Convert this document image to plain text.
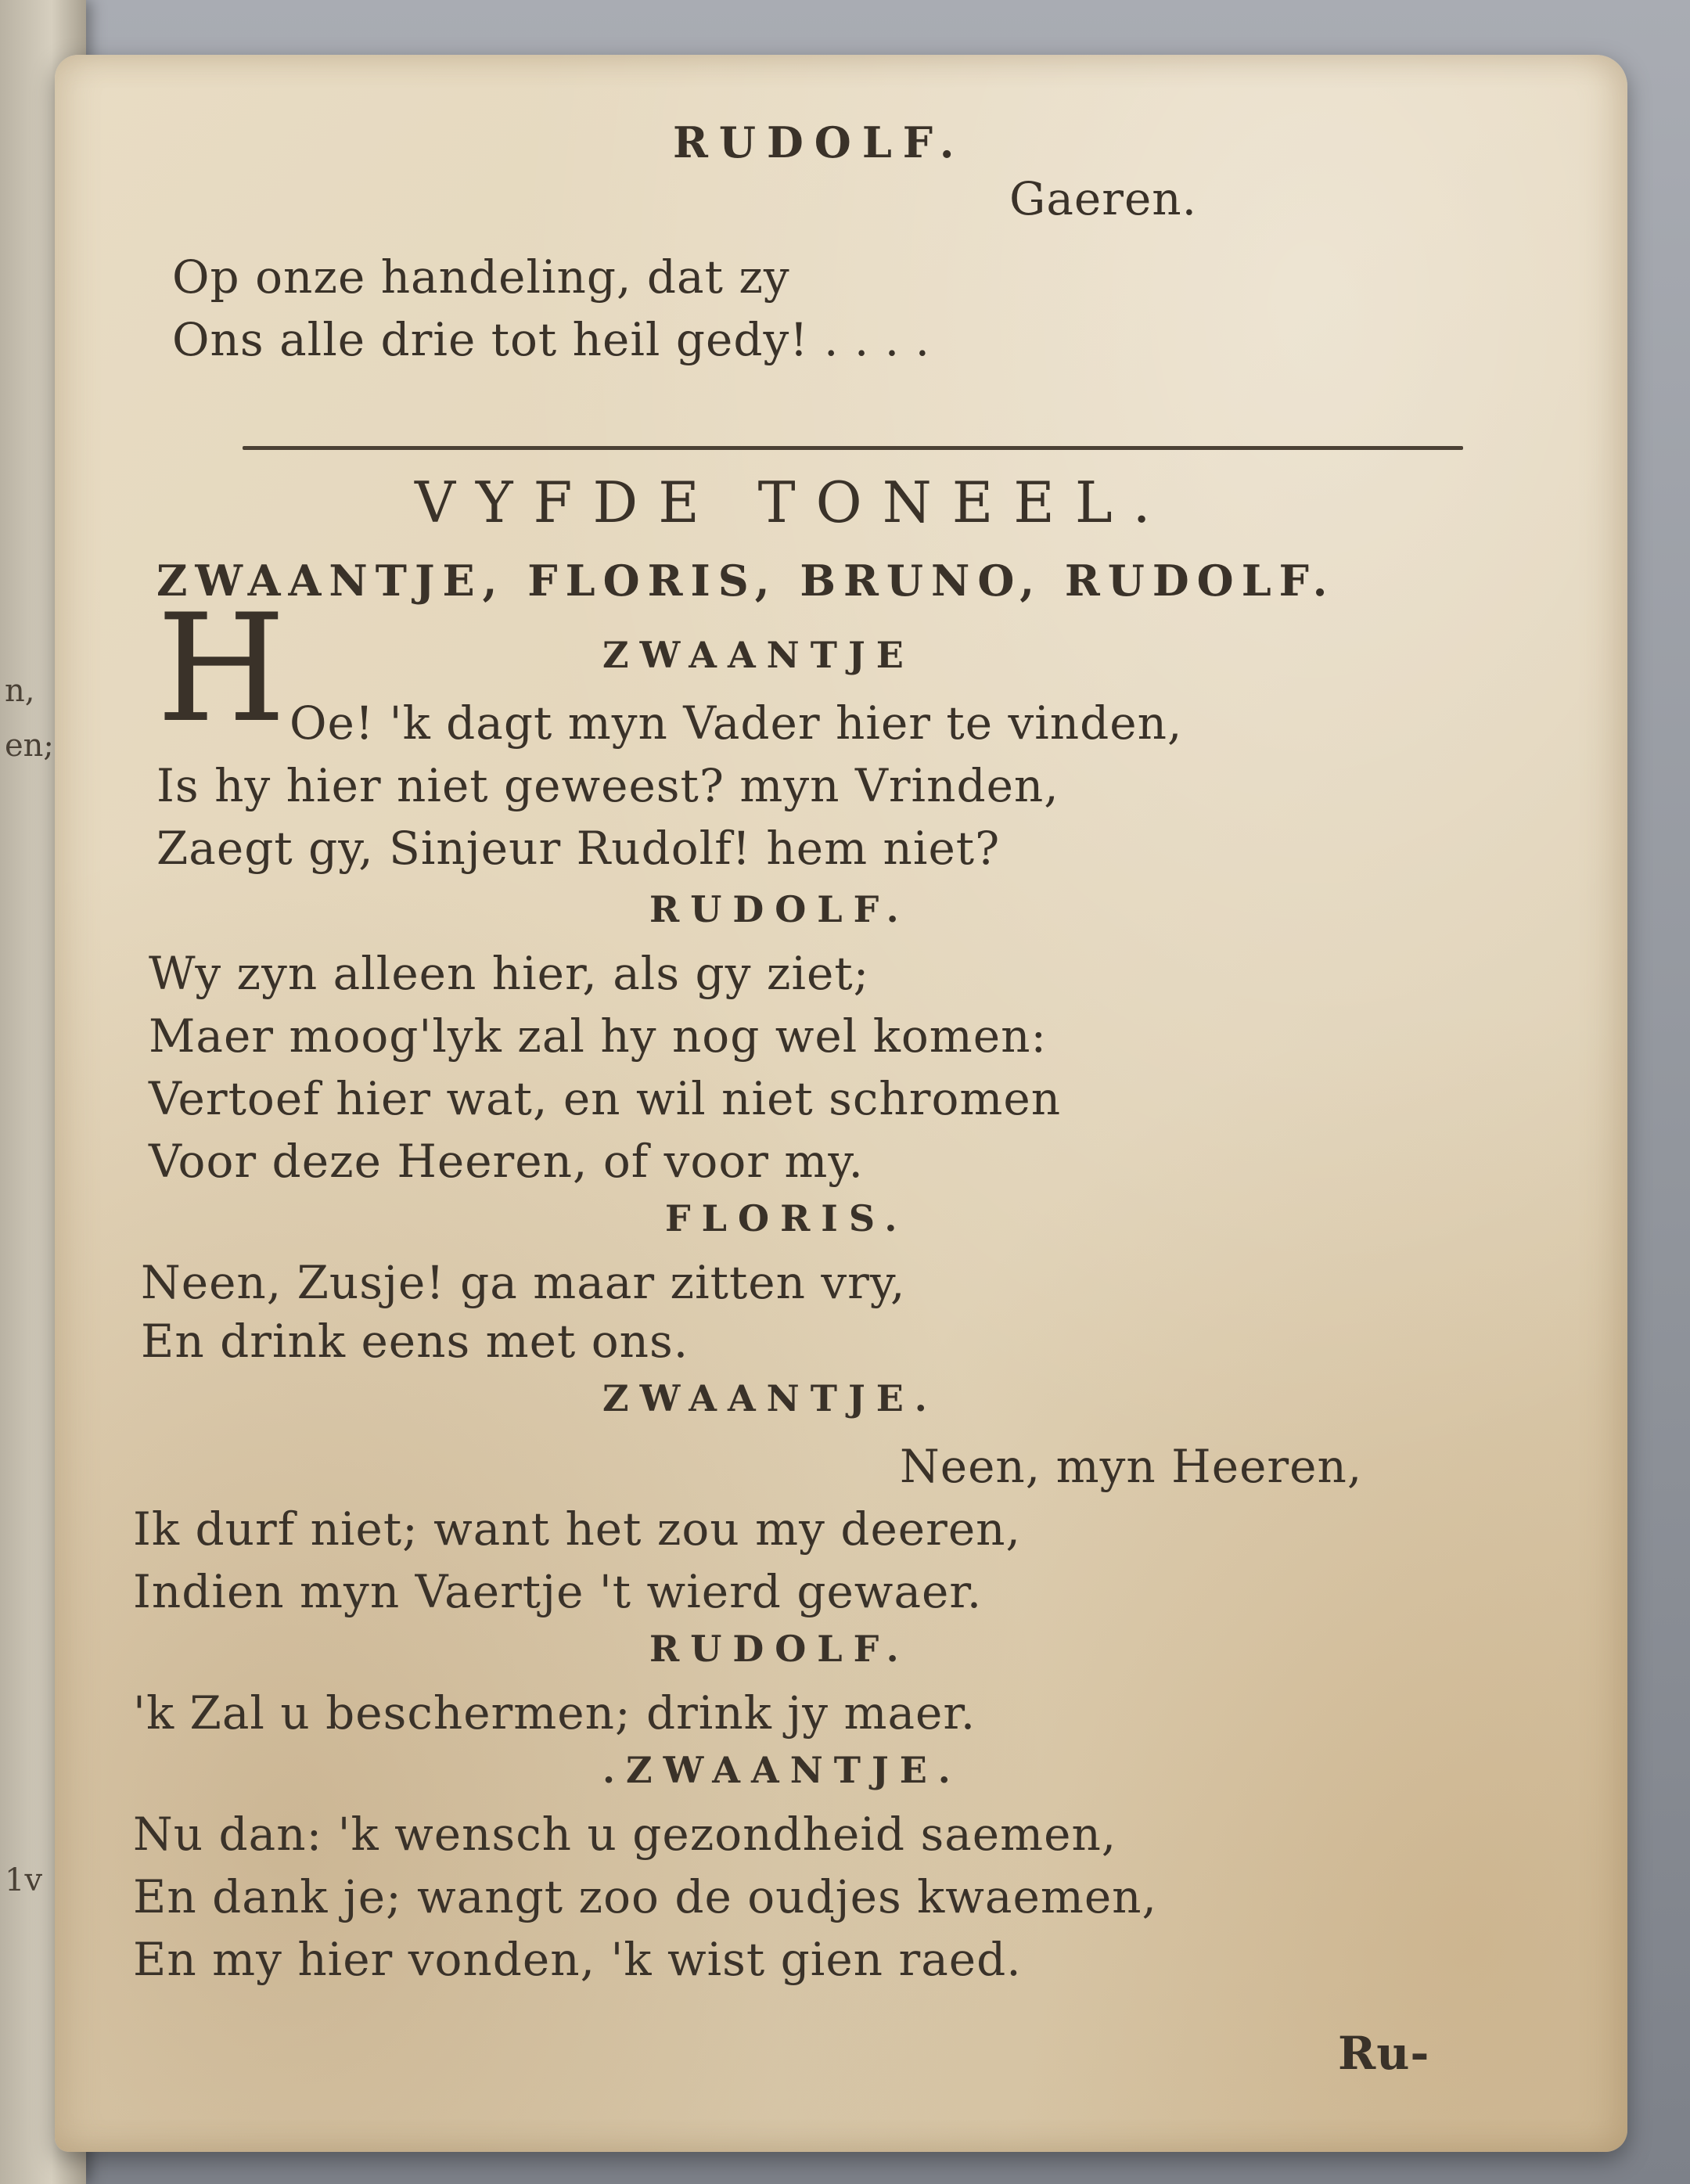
n,
en;
1v
RUDOLF.
Gaeren.
Op onze handeling, dat zy
Ons alle drie tot heil gedy! . . . .
VYFDE TONEEL.
ZWAANTJE, FLORIS, BRUNO, RUDOLF.
ZWAANTJE
H Oe! 'k dagt myn Vader hier te vinden,
Is hy hier niet geweest? myn Vrinden,
Zaegt gy, Sinjeur Rudolf! hem niet?
RUDOLF.
Wy zyn alleen hier, als gy ziet;
Maer moog'lyk zal hy nog wel komen:
Vertoef hier wat, en wil niet schromen
Voor deze Heeren, of voor my.
FLORIS.
Neen, Zusje! ga maar zitten vry,
En drink eens met ons.
ZWAANTJE.
Neen, myn Heeren,
Ik durf niet; want het zou my deeren,
Indien myn Vaertje 't wierd gewaer.
RUDOLF.
'k Zal u beschermen; drink jy maer.
.ZWAANTJE.
Nu dan: 'k wensch u gezondheid saemen,
En dank je; wangt zoo de oudjes kwaemen,
En my hier vonden, 'k wist gien raed.
Ru-
